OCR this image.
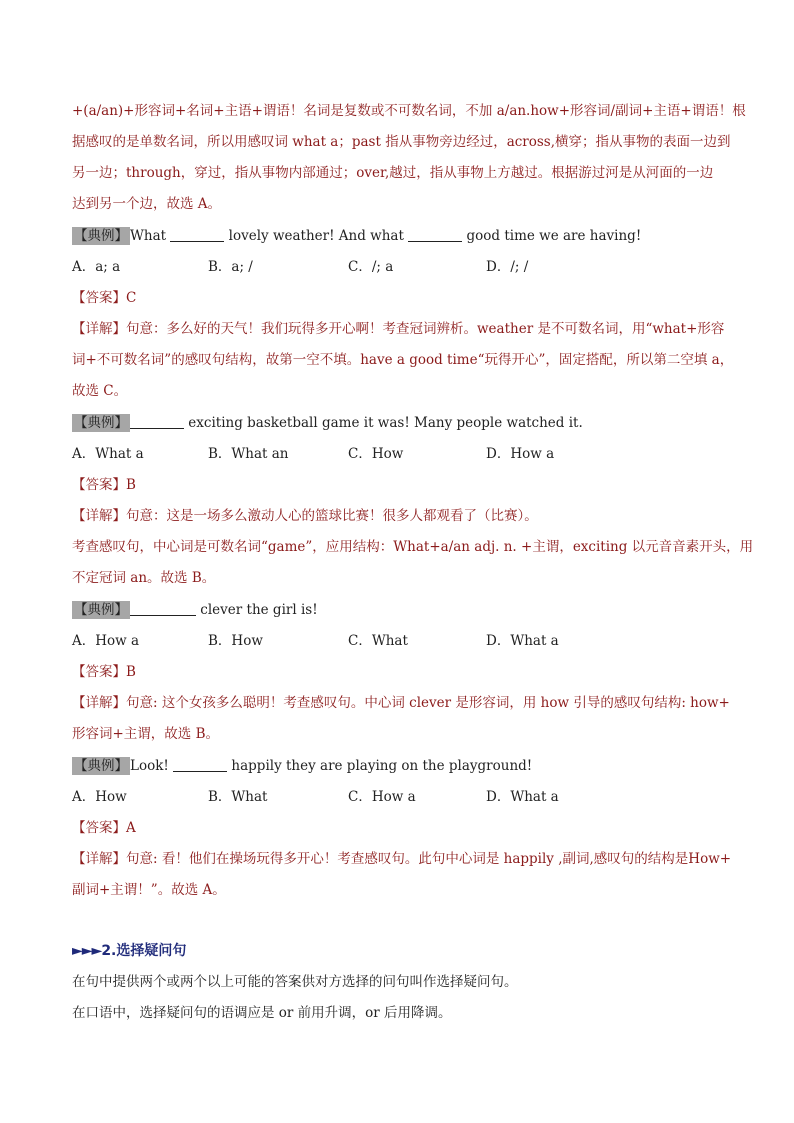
+(a/an)+形容词+名词+主语+谓语！名词是复数或不可数名词，不加 a/an.how+形容词/副词+主语+谓语！根
据感叹的是单数名词，所以用感叹词 what a；past 指从事物旁边经过，across,横穿；指从事物的表面一边到
另一边；through，穿过，指从事物内部通过；over,越过，指从事物上方越过。根据游过河是从河面的一边
达到另一个边，故选 A。
【典例】 What	lovely weather! And what	good time we are having!
A．a; a	B．a; /	C．/; a	D．/; /
【答案】C
【详解】句意：多么好的天气！我们玩得多开心啊！考查冠词辨析。weather 是不可数名词，用“what+形容
词+不可数名词”的感叹句结构，故第一空不填。have a good time“玩得开心”，固定搭配，所以第二空填 a，
故选 C。
【典例】	exciting basketball game it was! Many people watched it.
A．What a	B．What an	C．How	D．How a
【答案】B
【详解】句意：这是一场多么激动人心的篮球比赛！很多人都观看了（比赛）。
考查感叹句，中心词是可数名词“game”，应用结构：What+a/an adj. n. +主谓，exciting 以元音音素开头，用
不定冠词 an。故选 B。
【典例】	clever the girl is!
A．How a	B．How	C．What	D．What a
【答案】B
【详解】句意: 这个女孩多么聪明！考查感叹句。中心词 clever 是形容词，用 how 引导的感叹句结构: how+
形容词+主谓，故选 B。
【典例】 Look!	happily they are playing on the playground!
A．How	B．What	C．How a	D．What a
【答案】A
【详解】句意: 看！他们在操场玩得多开心！考查感叹句。此句中心词是 happily ,副词,感叹句的结构是How+
副词+主谓！”。故选 A。
►►►2.选择疑问句
在句中提供两个或两个以上可能的答案供对方选择的问句叫作选择疑问句。
在口语中，选择疑问句的语调应是 or 前用升调，or 后用降调。
